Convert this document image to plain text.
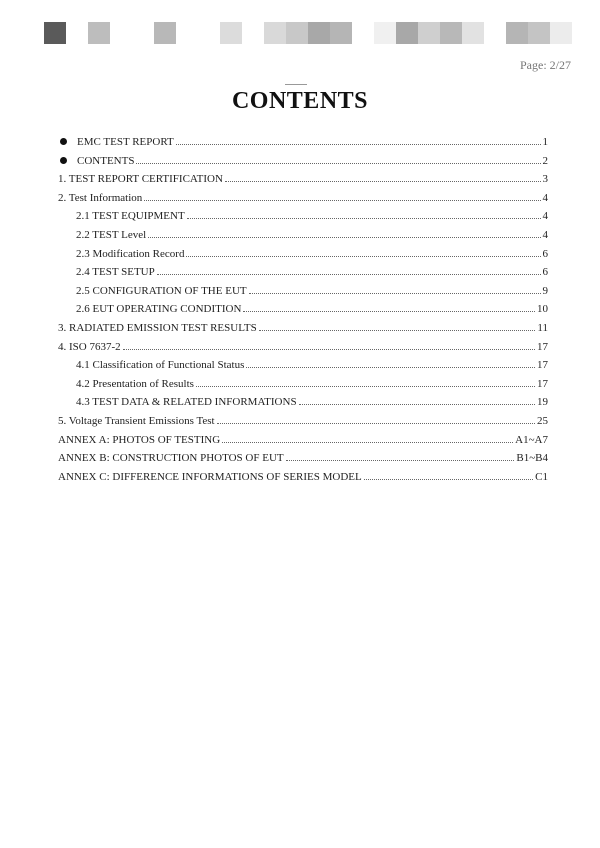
Page: 2/27
CONTENTS
EMC TEST REPORT	1
CONTENTS	2
1. TEST REPORT CERTIFICATION	3
2. Test Information	4
2.1 TEST EQUIPMENT	4
2.2 TEST Level	4
2.3 Modification Record	6
2.4 TEST SETUP	6
2.5 CONFIGURATION OF THE EUT	9
2.6 EUT OPERATING CONDITION	10
3. RADIATED EMISSION TEST RESULTS	11
4. ISO 7637-2	17
4.1 Classification of Functional Status	17
4.2 Presentation of Results	17
4.3 TEST DATA & RELATED INFORMATIONS	19
5. Voltage Transient Emissions Test	25
ANNEX A: PHOTOS OF TESTING	A1~A7
ANNEX B: CONSTRUCTION PHOTOS OF EUT	B1~B4
ANNEX C: DIFFERENCE INFORMATIONS OF SERIES MODEL	C1
